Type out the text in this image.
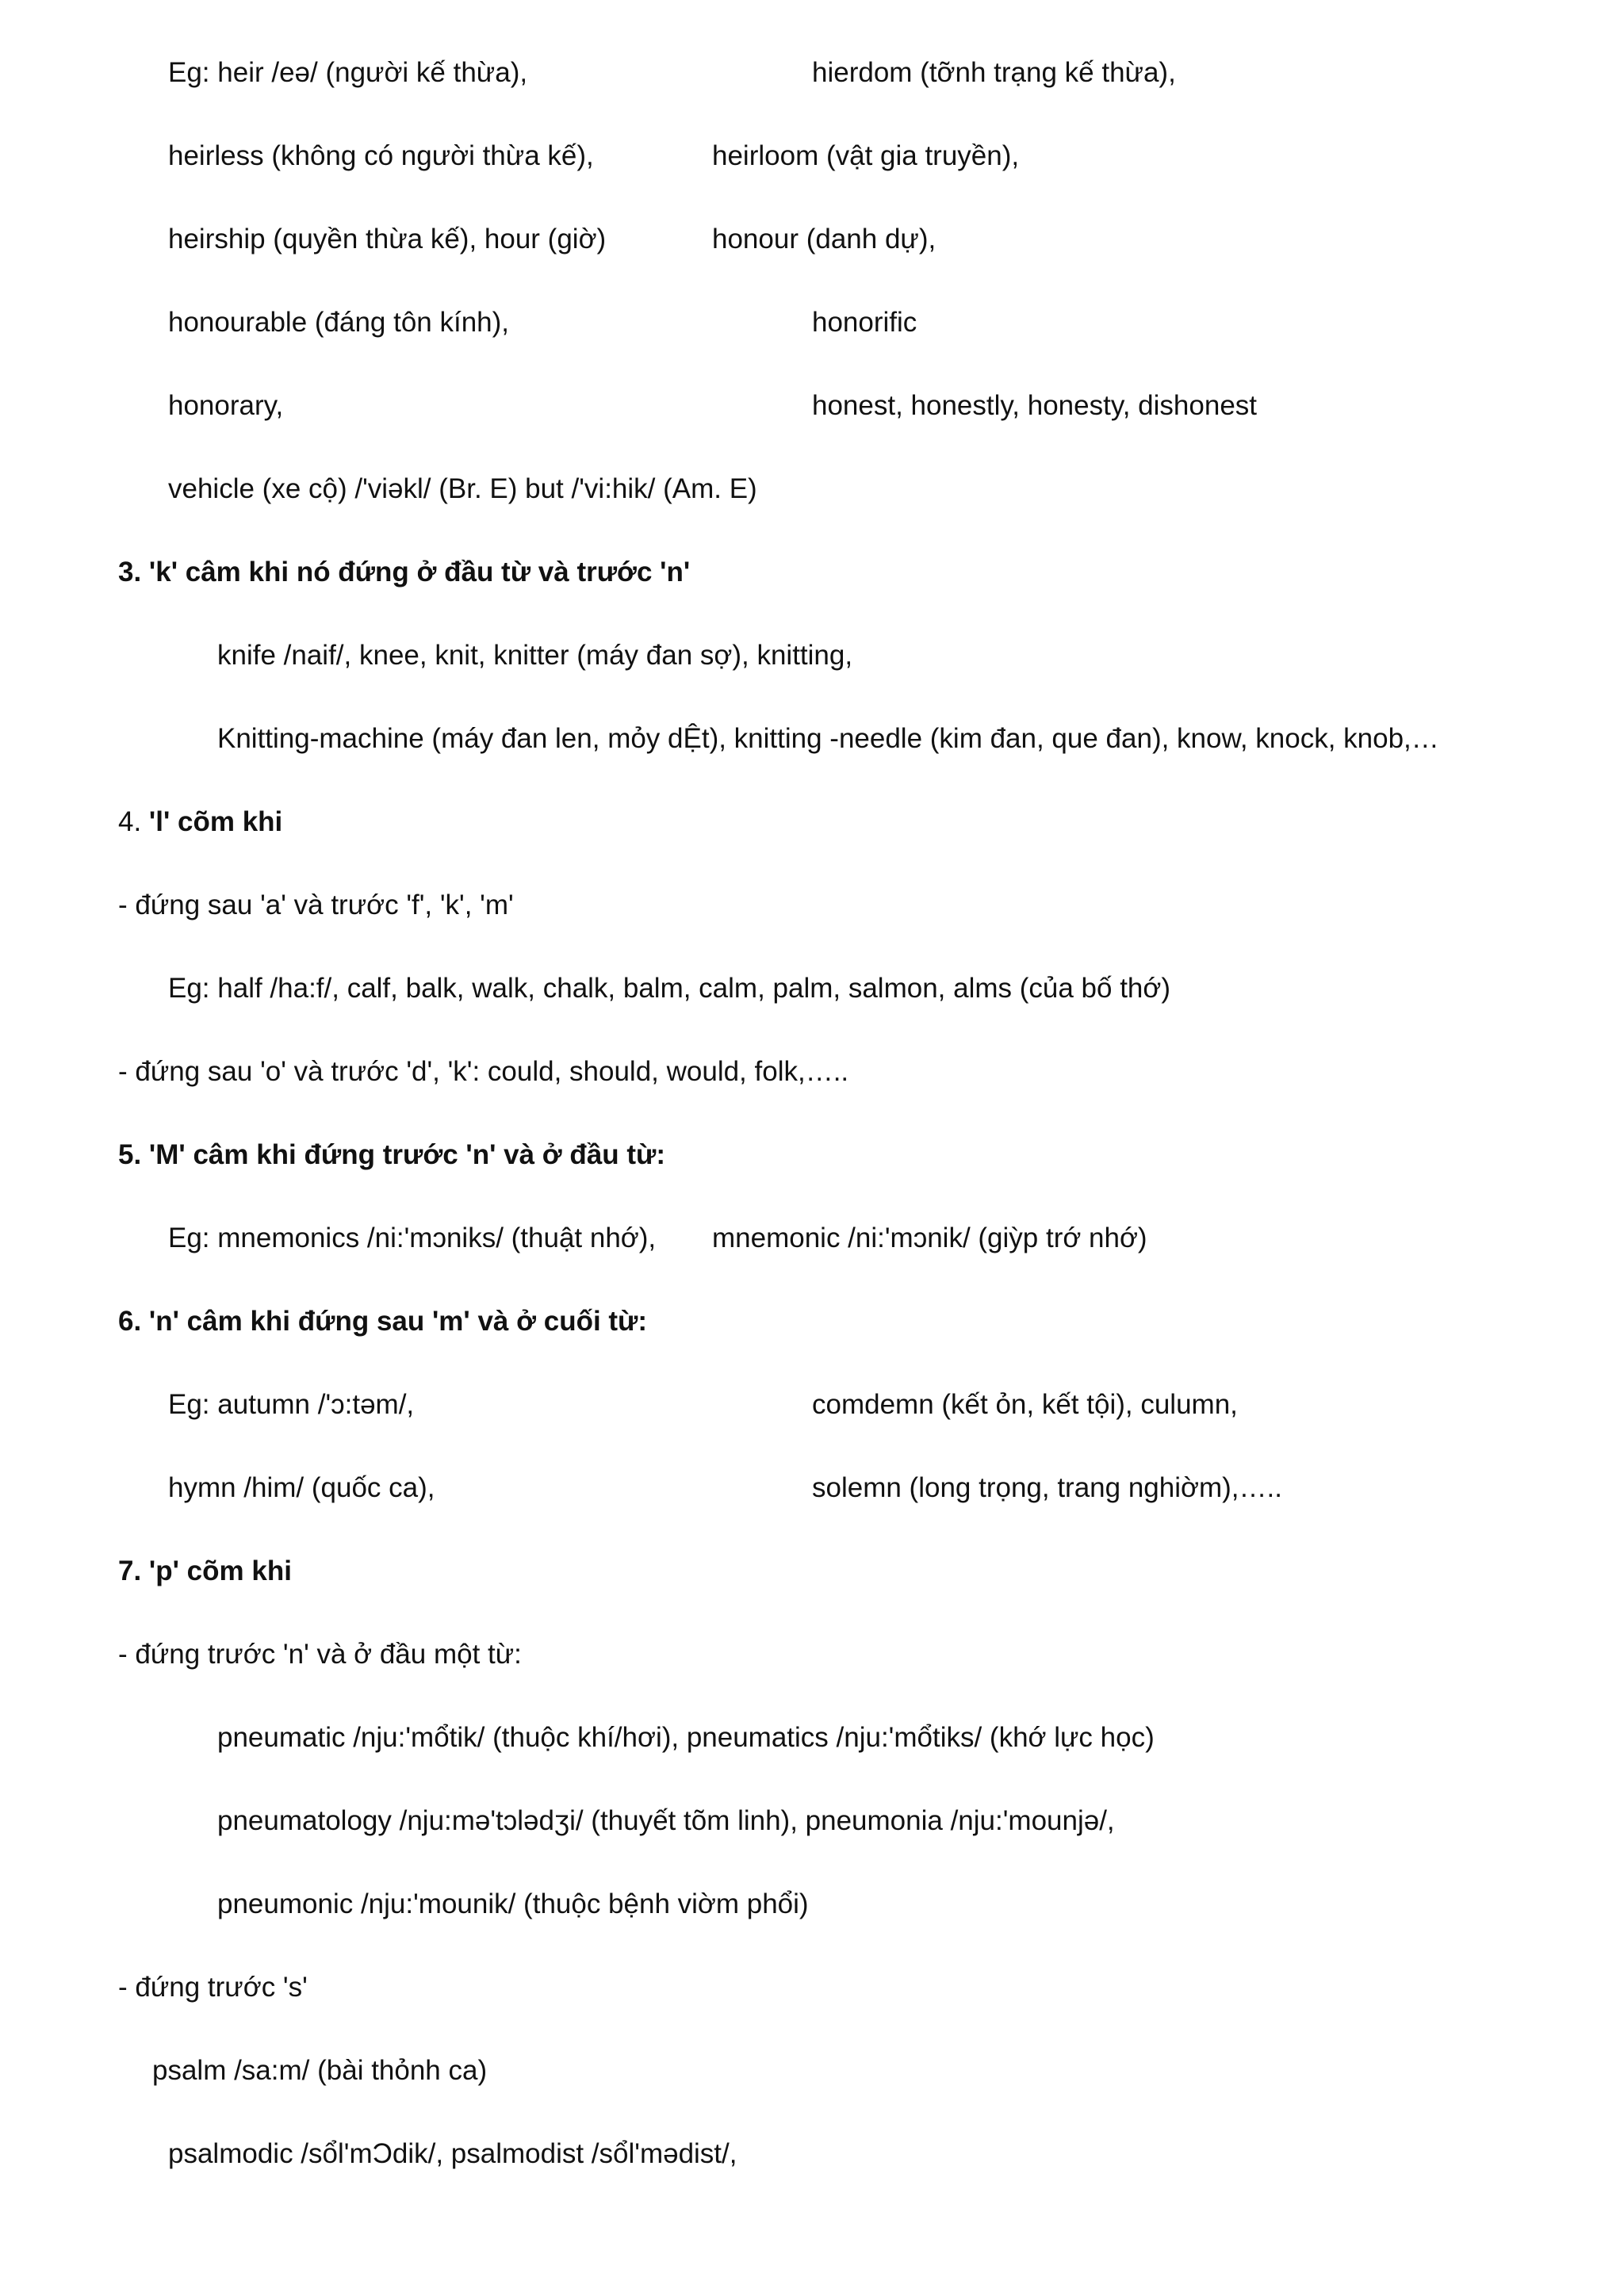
Eg: heir /eə/ (người kế thừa),	hierdom (tỡnh trạng kế thừa),
heirless (không có người thừa kế),	heirloom (vật gia truyền),
heirship (quyền thừa kế), hour (giờ)	honour (danh dự),
honourable (đáng tôn kính),	honorific
honorary,	honest, honestly, honesty, dishonest
vehicle (xe cộ) /'viəkl/ (Br. E) but /'vi:hik/ (Am. E)
3. 'k' câm khi nó đứng ở đầu từ và trước 'n'
knife /naif/, knee, knit, knitter (máy đan sợ), knitting,
Knitting-machine (máy đan len, mỏy dỆt), knitting -needle (kim đan, que đan), know, knock, knob,…
4. 'l' cõm khi
- đứng sau 'a' và trước 'f', 'k', 'm'
Eg: half /ha:f/, calf, balk, walk, chalk, balm, calm, palm, salmon, alms (của bố thớ)
- đứng sau 'o' và trước 'd', 'k': could, should, would, folk,…..
5. 'M' câm khi đứng trước 'n' và ở đầu từ:
Eg: mnemonics /ni:'mɔniks/ (thuật nhớ), mnemonic /ni:'mɔnik/ (giỳp trớ nhớ)
6. 'n' câm khi đứng sau 'm' và ở cuối từ:
Eg: autumn /'ɔ:təm/,	comdemn (kết ỏn, kết tội), culumn,
hymn /him/ (quốc ca),	solemn (long trọng, trang nghiờm),…..
7. 'p' cõm khi
- đứng trước 'n' và ở đầu một từ:
pneumatic /nju:'mổtik/ (thuộc khí/hơi), pneumatics /nju:'mổtiks/ (khớ lực học)
pneumatology /nju:mə'tɔlədʒi/ (thuyết tõm linh), pneumonia /nju:'mounjə/,
pneumonic /nju:'mounik/ (thuộc bệnh viờm phổi)
- đứng trước 's'
psalm /sa:m/ (bài thỏnh ca)
psalmodic /sổl'mƆdik/, psalmodist /sổl'mədist/,
